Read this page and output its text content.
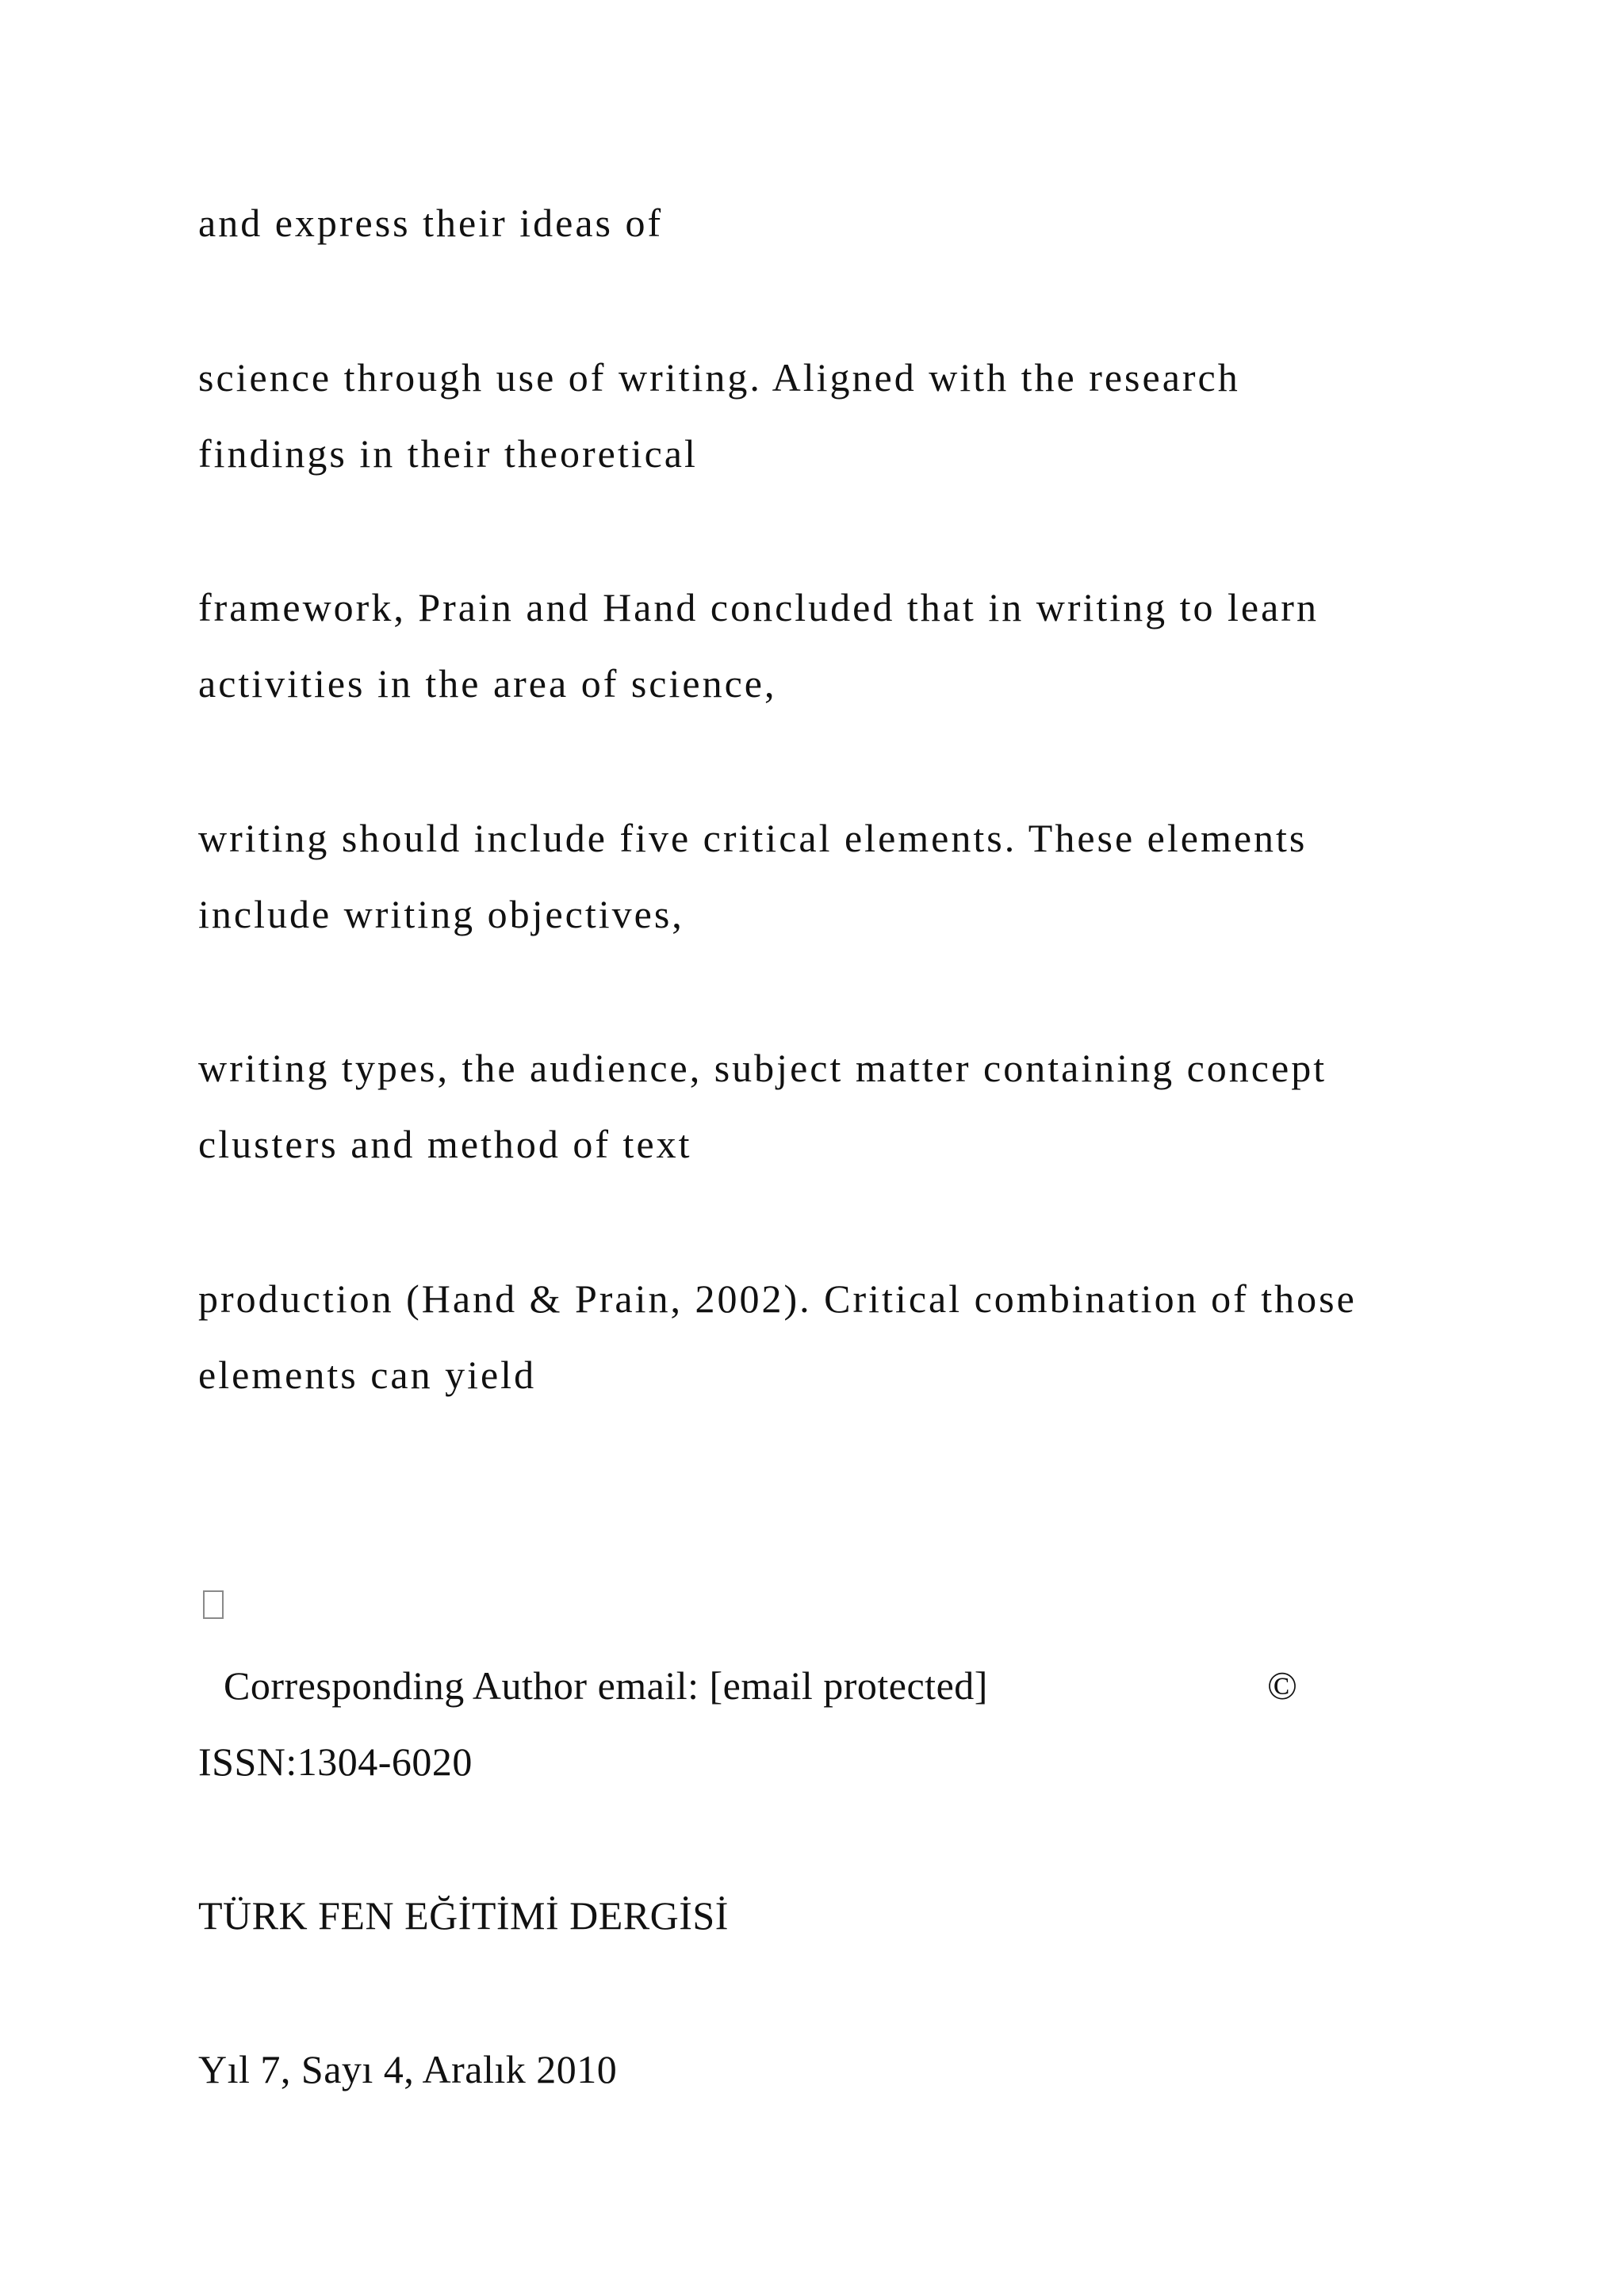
and express their ideas of
science through use of writing. Aligned with the research
findings in their theoretical
framework, Prain and Hand concluded that in writing to learn
activities in the area of science,
writing should include five critical elements. These elements
include writing objectives,
writing types, the audience, subject matter containing concept
clusters and method of text
production (Hand & Prain, 2002). Critical combination of those
elements can yield
Corresponding Author email: [email protected]	©
ISSN:1304-6020
TÜRK FEN EĞİTİMİ DERGİSİ
Yıl 7, Sayı 4, Aralık 2010
